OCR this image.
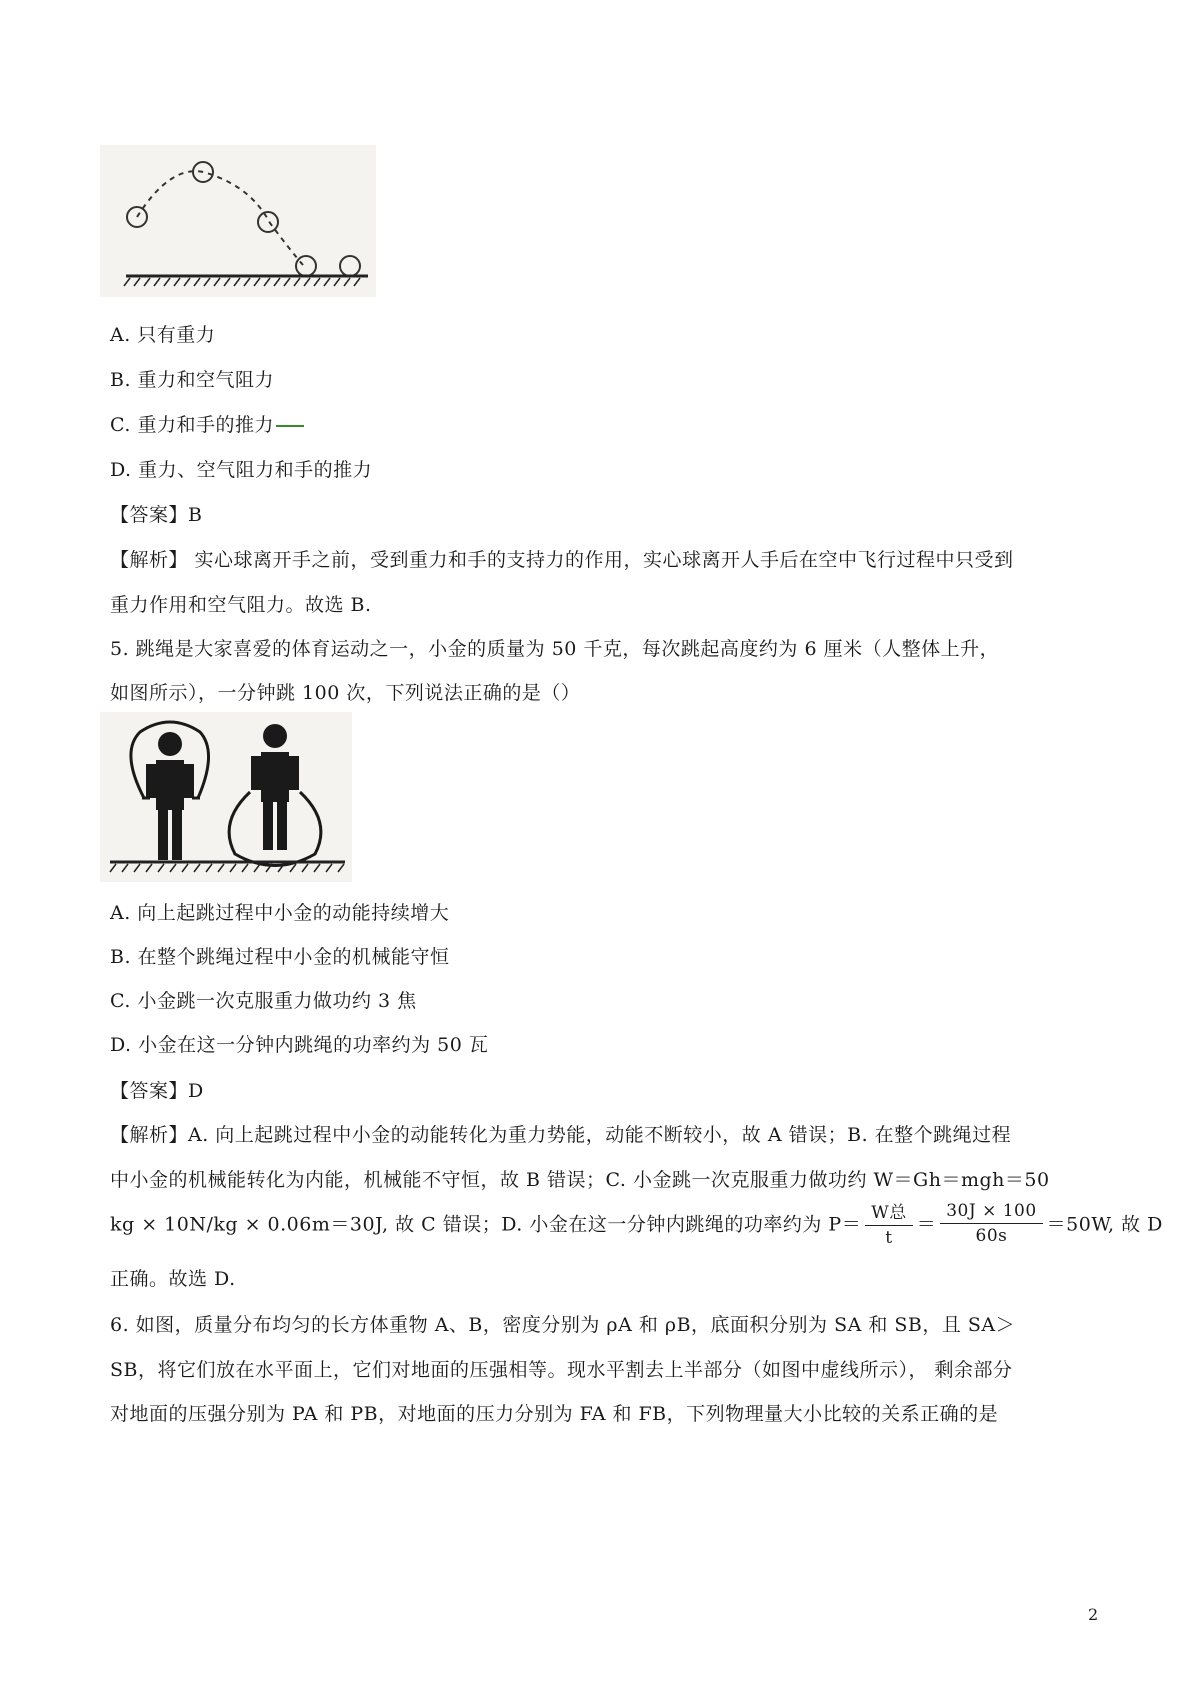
A. 只有重力
B. 重力和空气阻力
C. 重力和手的推力
D. 重力、空气阻力和手的推力
【答案】B
【解析】 实心球离开手之前，受到重力和手的支持力的作用，实心球离开人手后在空中飞行过程中只受到
重力作用和空气阻力。故选 B.
5. 跳绳是大家喜爱的体育运动之一，小金的质量为 50 千克，每次跳起高度约为 6 厘米（人整体上升，
如图所示），一分钟跳 100 次，下列说法正确的是（）
A. 向上起跳过程中小金的动能持续增大
B. 在整个跳绳过程中小金的机械能守恒
C. 小金跳一次克服重力做功约 3 焦
D. 小金在这一分钟内跳绳的功率约为 50 瓦
【答案】D
【解析】A. 向上起跳过程中小金的动能转化为重力势能，动能不断较小，故 A 错误；B. 在整个跳绳过程
中小金的机械能转化为内能，机械能不守恒，故 B 错误；C. 小金跳一次克服重力做功约 W＝Gh＝mgh＝50
kg × 10N/kg × 0.06m＝30J, 故 C 错误；D. 小金在这一分钟内跳绳的功率约为 $P= \frac{\text{W总}}{t} = \frac{30J \times 100}{60s} =50W$, 故 D
正确。故选 D.
6. 如图，质量分布均匀的长方体重物 A、B，密度分别为 ρA 和 ρB，底面积分别为 SA 和 SB，且 SA＞
SB，将它们放在水平面上，它们对地面的压强相等。现水平割去上半部分（如图中虚线所示）， 剩余部分
对地面的压强分别为 PA 和 PB，对地面的压力分别为 FA 和 FB，下列物理量大小比较的关系正确的是
2
